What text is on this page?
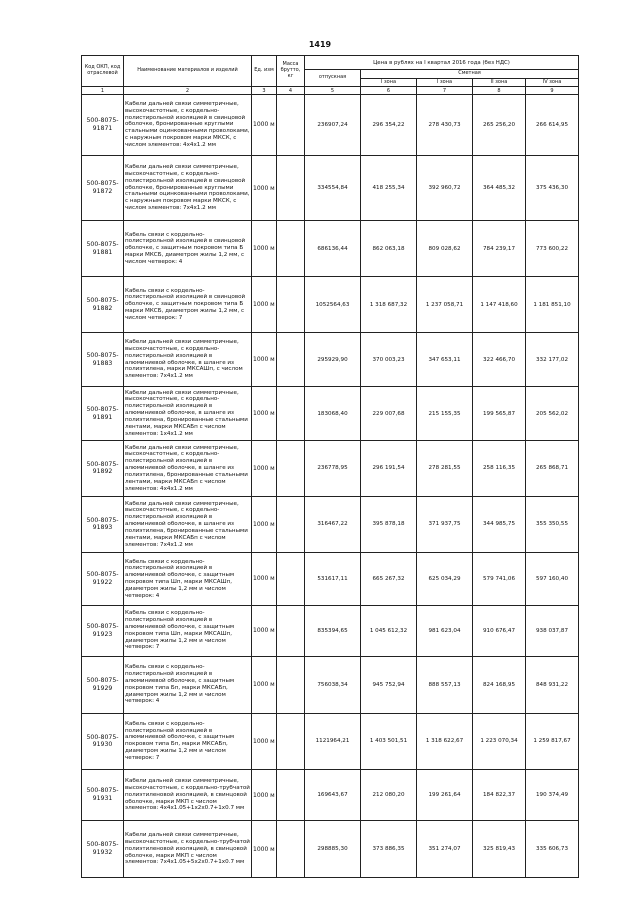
1419
Код ОКП, код отраслевой	Наименование материалов и изделий	Ед. изм	Масса брутто, кг	Цена в рублях на I квартал 2016 года (без НДС)				
				отпускная	Сметная			
					I зона	I зона	II зона	IV зона
1	2	3	4	5	6	7	8	9
500-8075-91871	Кабели дальней связи симметричные, высокочастотные, с кордельно-полистирольной изоляцией в свинцовой оболочке, бронированные круглыми стальными оцинкованными проволоками, с наружным покровом марки МКСК, с числом элементов: 4х4х1.2 мм	1000 м		236907,24	296 354,22	278 430,73	265 256,20	266 614,95
500-8075-91872	Кабели дальней связи симметричные, высокочастотные, с кордельно-полистирольной изоляцией в свинцовой оболочке, бронированные круглыми стальными оцинкованными проволоками, с наружным покровом марки МКСК, с числом элементов: 7х4х1.2 мм	1000 м		334554,84	418 255,34	392 960,72	364 485,32	375 436,30
500-8075-91881	Кабель связи с кордельно-полистирольной изоляцией в свинцовой оболочке, с защитным покровом типа Б марки МКСБ, диаметром жилы 1,2 мм, с числом четверок: 4	1000 м		686136,44	862 063,18	809 028,62	784 239,17	773 600,22
500-8075-91882	Кабель связи с кордельно-полистирольной изоляцией в свинцовой оболочке, с защитным покровом типа Б марки МКСБ, диаметром жилы 1,2 мм, с числом четверок: 7	1000 м		1052564,63	1 318 687,32	1 237 058,71	1 147 418,60	1 181 851,10
500-8075-91883	Кабели дальней связи симметричные, высокочастотные, с кордельно-полистирольной изоляцией в алюминиевой оболочке, в шланге из полиэтилена, марки МКСАШп, с числом элементов: 7х4х1.2 мм	1000 м		295929,90	370 003,23	347 653,11	322 466,70	332 177,02
500-8075-91891	Кабели дальней связи симметричные, высокочастотные, с кордельно-полистирольной изоляцией в алюминиевой оболочке, в шланге из полиэтилена, бронированные стальными лентами, марки МКСАБп с числом элементов: 1х4х1.2 мм	1000 м		183068,40	229 007,68	215 155,35	199 565,87	205 562,02
500-8075-91892	Кабели дальней связи симметричные, высокочастотные, с кордельно-полистирольной изоляцией в алюминиевой оболочке, в шланге из полиэтилена, бронированные стальными лентами, марки МКСАБп с числом элементов: 4х4х1.2 мм	1000 м		236778,95	296 191,54	278 281,55	258 116,35	265 868,71
500-8075-91893	Кабели дальней связи симметричные, высокочастотные, с кордельно-полистирольной изоляцией в алюминиевой оболочке, в шланге из полиэтилена, бронированные стальными лентами, марки МКСАБп с числом элементов: 7х4х1.2 мм	1000 м		316467,22	395 878,18	371 937,75	344 985,75	355 350,55
500-8075-91922	Кабель связи с кордельно-полистирольной изоляцией в алюминиевой оболочке, с защитным покровом типа Шп, марки МКСАШп, диаметром жилы 1,2 мм и числом четверок: 4	1000 м		531617,11	665 267,32	625 034,29	579 741,06	597 160,40
500-8075-91923	Кабель связи с кордельно-полистирольной изоляцией в алюминиевой оболочке, с защитным покровом типа Шп, марки МКСАШп, диаметром жилы 1,2 мм и числом четверок: 7	1000 м		835394,65	1 045 612,32	981 623,04	910 676,47	938 037,87
500-8075-91929	Кабель связи с кордельно-полистирольной изоляцией в алюминиевой оболочке, с защитным покровом типа Бп, марки МКСАБп, диаметром жилы 1,2 мм и числом четверок: 4	1000 м		756038,34	945 752,94	888 557,13	824 168,95	848 931,22
500-8075-91930	Кабель связи с кордельно-полистирольной изоляцией в алюминиевой оболочке, с защитным покровом типа Бп, марки МКСАБп, диаметром жилы 1,2 мм и числом четверок: 7	1000 м		1121964,21	1 403 501,51	1 318 622,67	1 223 070,34	1 259 817,67
500-8075-91931	Кабели дальней связи симметричные, высокочастотные, с кордельно-трубчатой полиэтиленовой изоляцией, в свинцовой оболочке, марки МКП с числом элементов: 4х4х1.05+1х2х0.7+1х0.7 мм	1000 м		169643,67	212 080,20	199 261,64	184 822,37	190 374,49
500-8075-91932	Кабели дальней связи симметричные, высокочастотные, с кордельно-трубчатой полиэтиленовой изоляцией, в свинцовой оболочке, марки МКП с числом элементов: 7х4х1.05+5х2х0.7+1х0.7 мм	1000 м		298885,30	373 886,35	351 274,07	325 819,43	335 606,73
